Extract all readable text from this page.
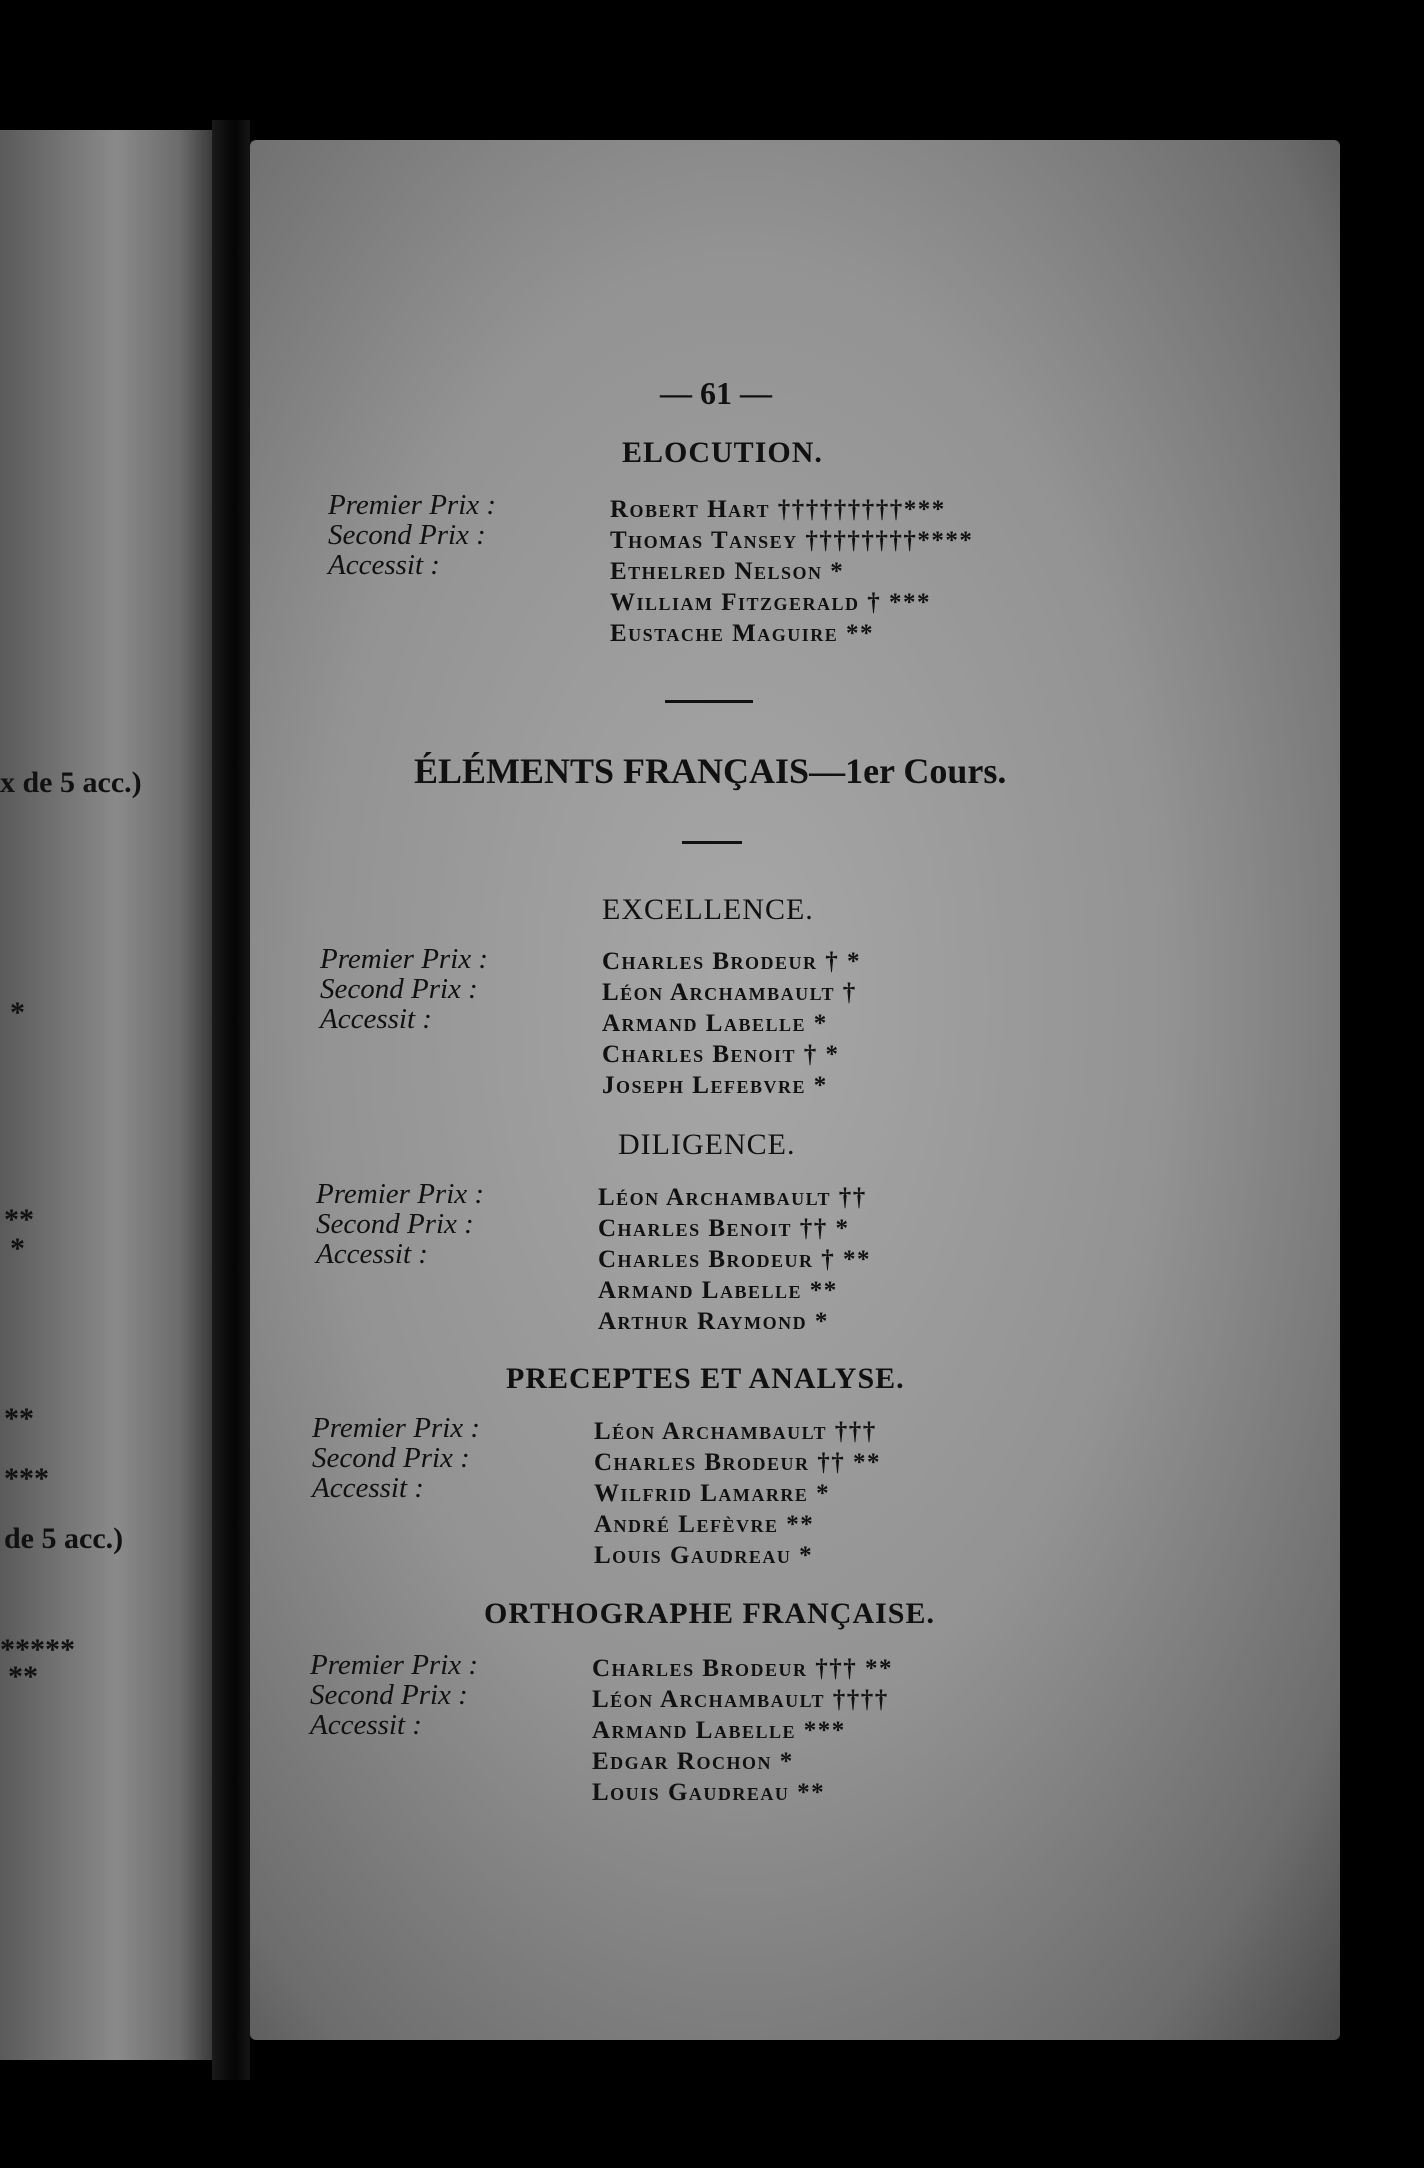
x de 5 acc.)
*
**
*
**
***
de 5 acc.)
*****
**
— 61 —
ELOCUTION.
Premier Prix :
Second Prix :
Accessit :
Robert Hart †††††††††***
Thomas Tansey ††††††††****
Ethelred Nelson *
William Fitzgerald † ***
Eustache Maguire **
ÉLÉMENTS FRANÇAIS—1er Cours.
EXCELLENCE.
Premier Prix :
Second Prix :
Accessit :
Charles Brodeur † *
Léon Archambault †
Armand Labelle *
Charles Benoit † *
Joseph Lefebvre *
DILIGENCE.
Premier Prix :
Second Prix :
Accessit :
Léon Archambault ††
Charles Benoit †† *
Charles Brodeur † **
Armand Labelle **
Arthur Raymond *
PRECEPTES ET ANALYSE.
Premier Prix :
Second Prix :
Accessit :
Léon Archambault †††
Charles Brodeur †† **
Wilfrid Lamarre *
André Lefèvre **
Louis Gaudreau *
ORTHOGRAPHE FRANÇAISE.
Premier Prix :
Second Prix :
Accessit :
Charles Brodeur ††† **
Léon Archambault ††††
Armand Labelle ***
Edgar Rochon *
Louis Gaudreau **
